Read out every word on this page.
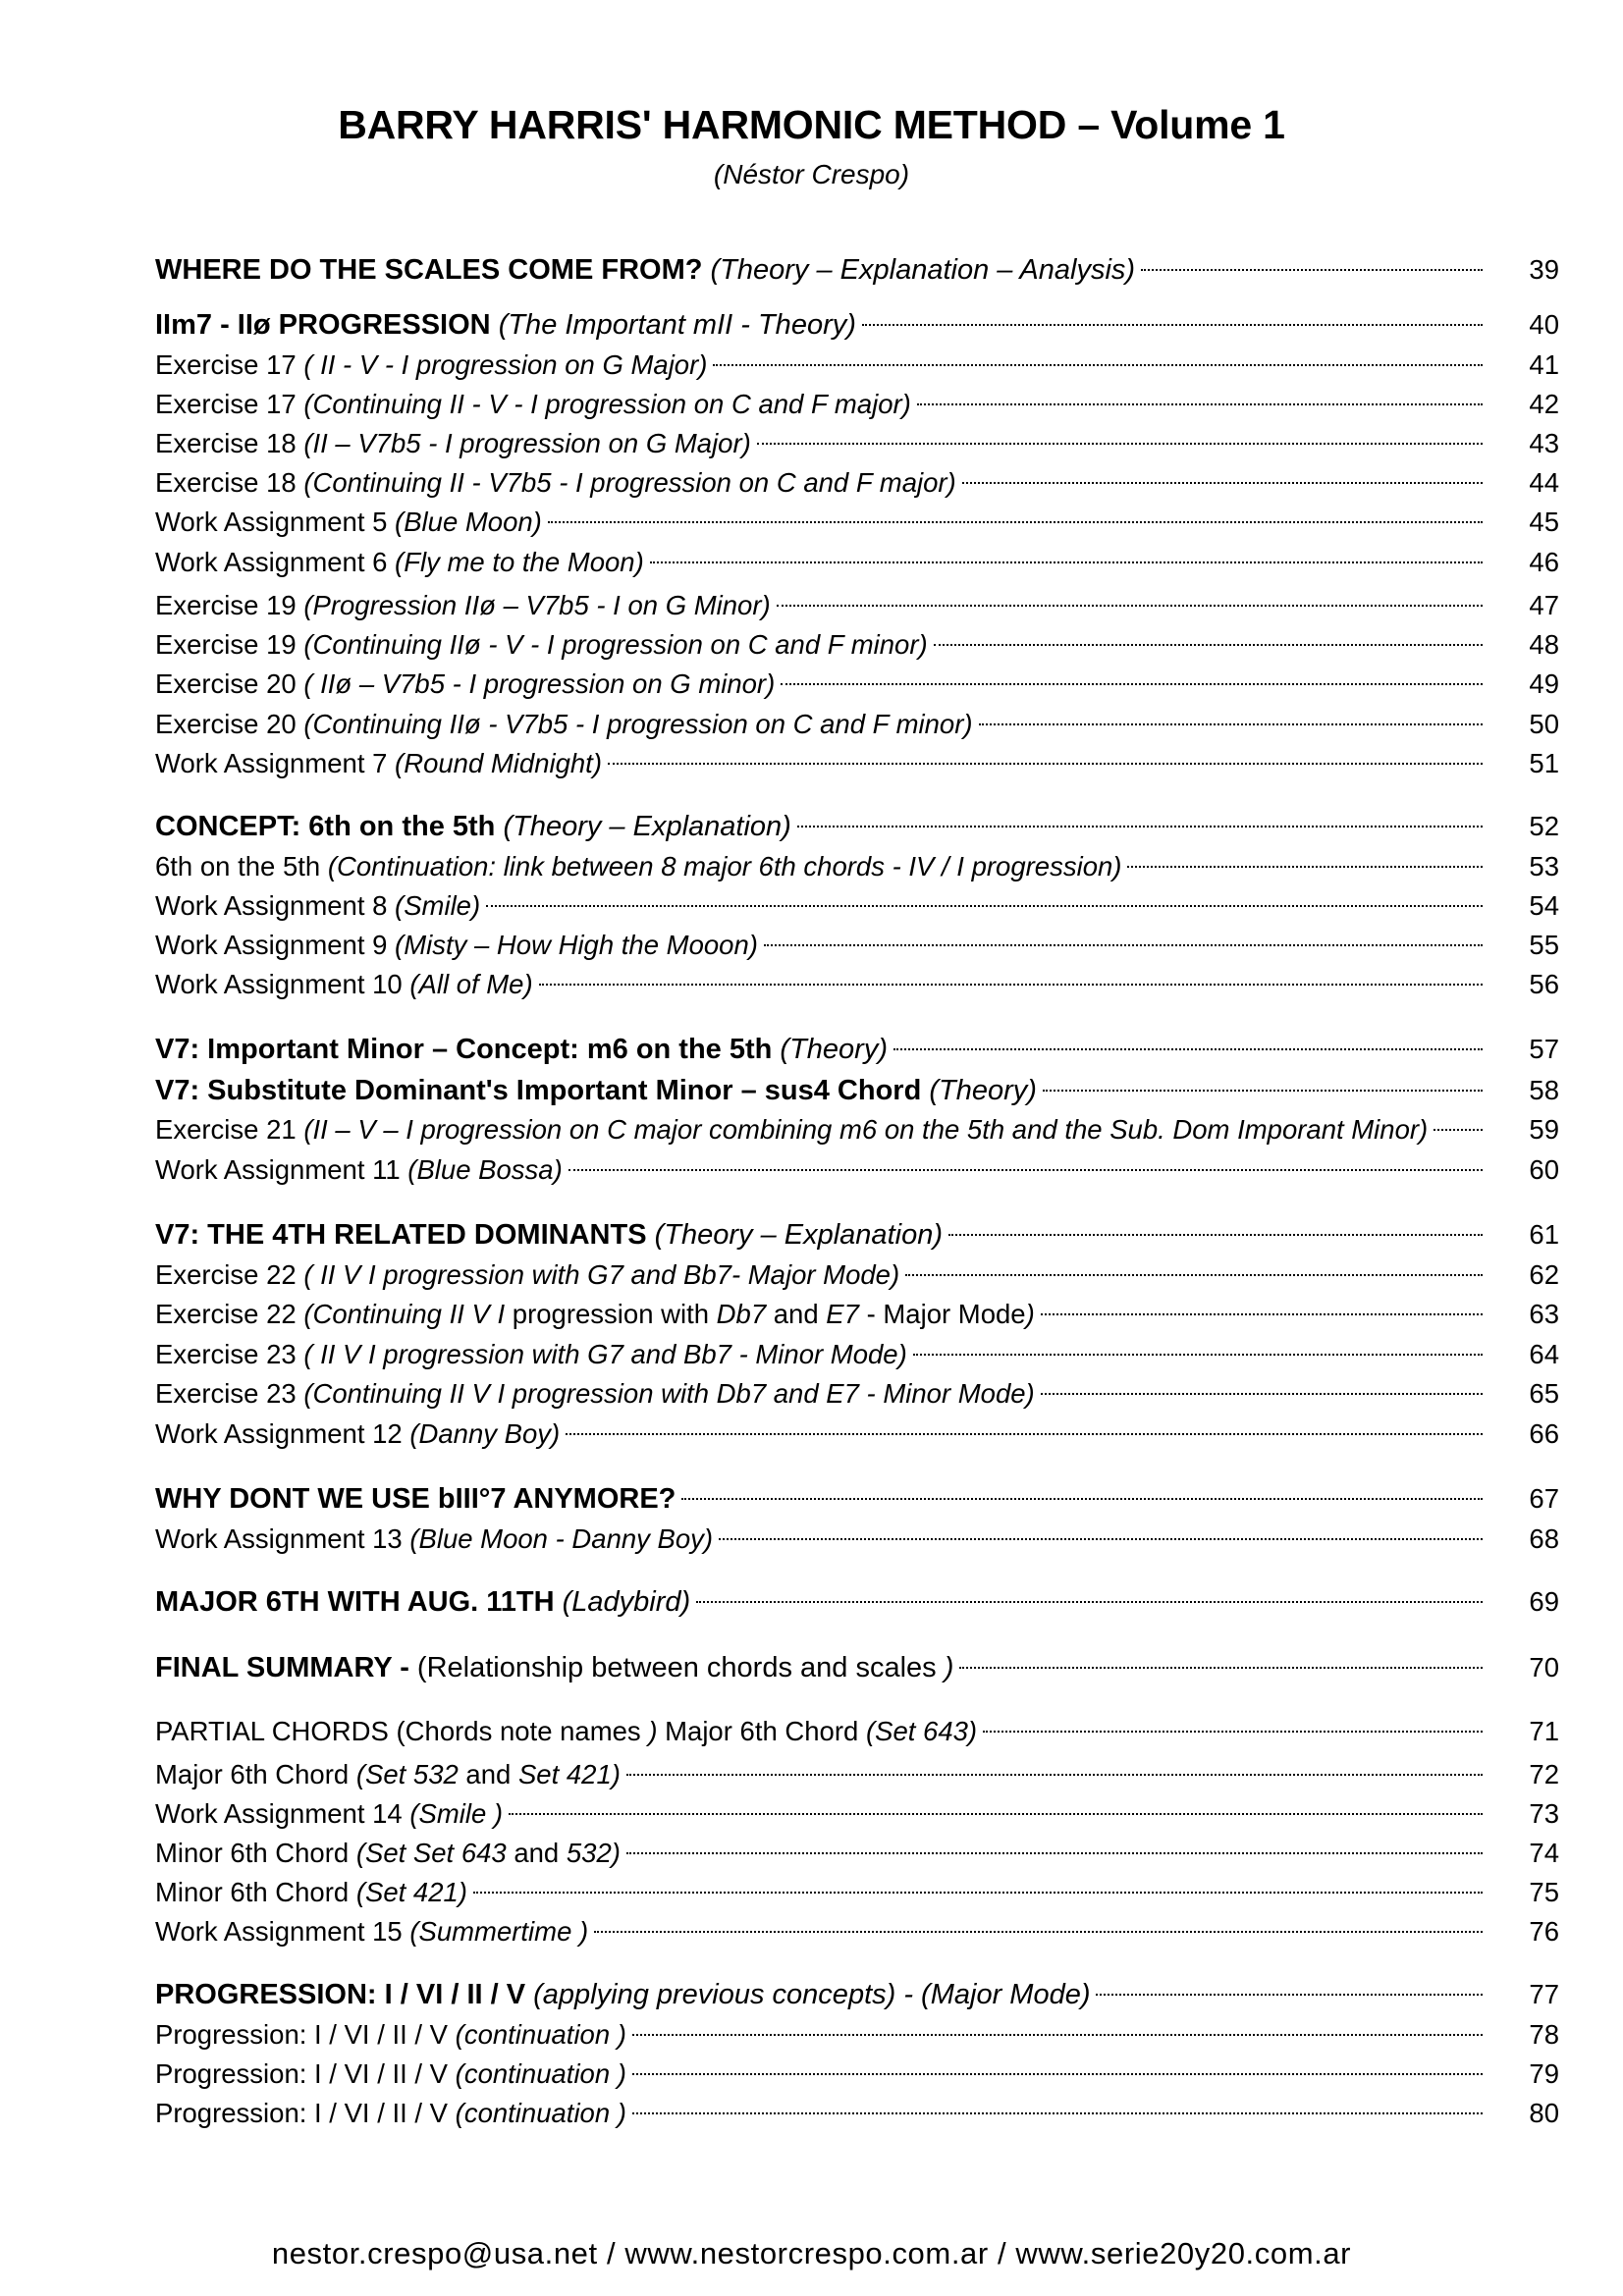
BARRY HARRIS' HARMONIC METHOD – Volume 1
(Néstor Crespo)
WHERE DO THE SCALES COME FROM? (Theory – Explanation – Analysis)	39
IIm7 - IIø PROGRESSION (The Important mII - Theory)	40
Exercise 17 ( II - V - I progression on G Major)	41
Exercise 17 (Continuing II - V - I progression on C and F major)	42
Exercise 18 (II – V7b5 - I progression on G Major)	43
Exercise 18 (Continuing II - V7b5 - I progression on C and F major)	44
Work Assignment 5 (Blue Moon)	45
Work Assignment 6 (Fly me to the Moon)	46
Exercise 19 (Progression IIø – V7b5 - I on G Minor)	47
Exercise 19 (Continuing IIø - V - I progression on C and F minor)	48
Exercise 20 ( IIø – V7b5 - I progression on G minor)	49
Exercise 20 (Continuing IIø - V7b5 - I progression on C and F minor)	50
Work Assignment 7 (Round Midnight)	51
CONCEPT: 6th on the 5th (Theory – Explanation)	52
6th on the 5th (Continuation: link between 8 major 6th chords - IV / I progression)	53
Work Assignment 8 (Smile)	54
Work Assignment 9 (Misty – How High the Mooon)	55
Work Assignment 10 (All of Me)	56
V7: Important Minor – Concept: m6 on the 5th (Theory)	57
V7: Substitute Dominant's Important Minor – sus4 Chord (Theory)	58
Exercise 21 (II – V – I progression on C major combining m6 on the 5th and the Sub. Dom Imporant Minor)	59
Work Assignment 11 (Blue Bossa)	60
V7: THE 4TH RELATED DOMINANTS (Theory – Explanation)	61
Exercise 22 ( II V I progression with G7 and Bb7- Major Mode)	62
Exercise 22 (Continuing II V I progression with Db7 and E7 - Major Mode)	63
Exercise 23 ( II V I progression with G7 and Bb7 - Minor Mode)	64
Exercise 23 (Continuing II V I progression with Db7 and E7 - Minor Mode)	65
Work Assignment 12 (Danny Boy)	66
WHY DONT WE USE bIII°7 ANYMORE?	67
Work Assignment 13 (Blue Moon - Danny Boy)	68
MAJOR 6TH WITH AUG. 11TH (Ladybird)	69
FINAL SUMMARY - (Relationship between chords and scales )	70
PARTIAL CHORDS (Chords note names ) Major 6th Chord (Set 643)	71
Major 6th Chord (Set 532 and Set 421)	72
Work Assignment 14 (Smile )	73
Minor 6th Chord (Set Set 643 and 532)	74
Minor 6th Chord (Set 421)	75
Work Assignment 15 (Summertime )	76
PROGRESSION: I / VI / II / V (applying previous concepts) - (Major Mode)	77
Progression: I / VI / II / V (continuation )	78
Progression: I / VI / II / V (continuation )	79
Progression: I / VI / II / V (continuation )	80
nestor.crespo@usa.net / www.nestorcrespo.com.ar / www.serie20y20.com.ar
